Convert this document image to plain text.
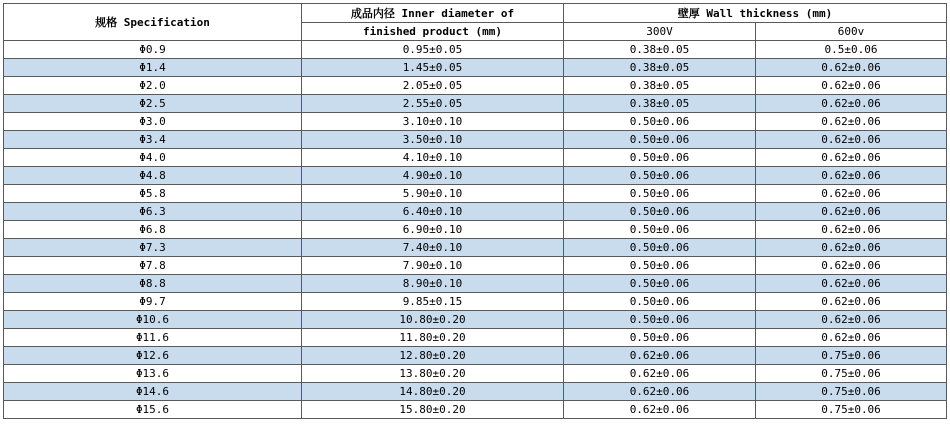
规格 Specification	成品内径 Inner diameter of	壁厚 Wall thickness (mm)	
	finished product (mm)	300V	600v
Φ0.9	0.95±0.05	0.38±0.05	0.5±0.06
Φ1.4	1.45±0.05	0.38±0.05	0.62±0.06
Φ2.0	2.05±0.05	0.38±0.05	0.62±0.06
Φ2.5	2.55±0.05	0.38±0.05	0.62±0.06
Φ3.0	3.10±0.10	0.50±0.06	0.62±0.06
Φ3.4	3.50±0.10	0.50±0.06	0.62±0.06
Φ4.0	4.10±0.10	0.50±0.06	0.62±0.06
Φ4.8	4.90±0.10	0.50±0.06	0.62±0.06
Φ5.8	5.90±0.10	0.50±0.06	0.62±0.06
Φ6.3	6.40±0.10	0.50±0.06	0.62±0.06
Φ6.8	6.90±0.10	0.50±0.06	0.62±0.06
Φ7.3	7.40±0.10	0.50±0.06	0.62±0.06
Φ7.8	7.90±0.10	0.50±0.06	0.62±0.06
Φ8.8	8.90±0.10	0.50±0.06	0.62±0.06
Φ9.7	9.85±0.15	0.50±0.06	0.62±0.06
Φ10.6	10.80±0.20	0.50±0.06	0.62±0.06
Φ11.6	11.80±0.20	0.50±0.06	0.62±0.06
Φ12.6	12.80±0.20	0.62±0.06	0.75±0.06
Φ13.6	13.80±0.20	0.62±0.06	0.75±0.06
Φ14.6	14.80±0.20	0.62±0.06	0.75±0.06
Φ15.6	15.80±0.20	0.62±0.06	0.75±0.06
